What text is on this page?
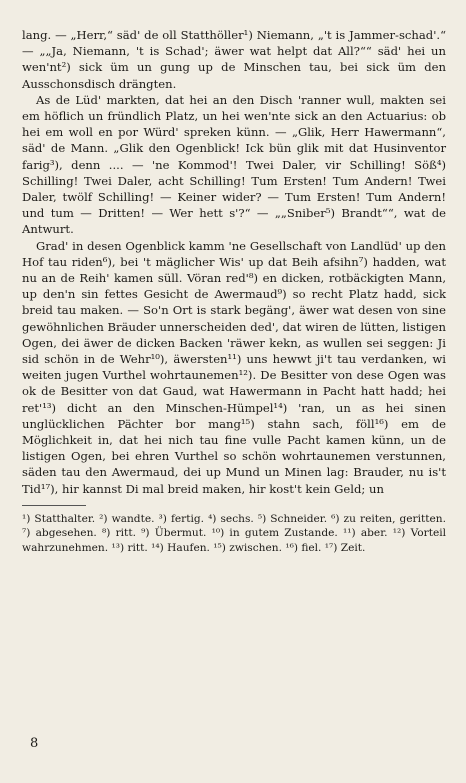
lang. — „Herr,“ säd' de oll Statthöller¹) Niemann, „'t is Jammer-schad'.“ — „„Ja, Niemann, 't is Schad'; äwer wat helpt dat All?““ säd' hei un wen'nt²) sick üm un gung up de Minschen tau, bei sick üm den Ausschonsdisch drängten.

As de Lüd' markten, dat hei an den Disch 'ranner wull, makten sei em höflich un fründlich Platz, un hei wen'nte sick an den Actuarius: ob hei em woll en por Würd' spreken künn. — „Glik, Herr Hawermann“, säd' de Mann. „Glik den Ogenblick! Ick bün glik mit dat Husinventor farig³), denn .... — 'ne Kommod'! Twei Daler, vir Schilling! Söß⁴) Schilling! Twei Daler, acht Schilling! Tum Ersten! Tum Andern! Twei Daler, twölf Schilling! — Keiner wider? — Tum Ersten! Tum Andern! und tum — Dritten! — Wer hett s'?“ — „„Sniber⁵) Brandt““, wat de Antwurt.

Grad' in desen Ogenblick kamm 'ne Gesellschaft von Landlüd' up den Hof tau riden⁶), bei 't mäglicher Wis' up dat Beih afsihn⁷) hadden, wat nu an de Reih' kamen süll. Vöran red'⁸) en dicken, rotbäckigten Mann, up den'n sin fettes Gesicht de Awermaud⁹) so recht Platz hadd, sick breid tau maken. — So'n Ort is stark begäng', äwer wat desen von sine gewöhnlichen Bräuder unnerscheiden ded', dat wiren de lütten, listigen Ogen, dei äwer de dicken Backen 'räwer kekn, as wullen sei seggen: Ji sid schön in de Wehr¹⁰), äwersten¹¹) uns hewwt ji't tau verdanken, wi weiten jugen Vurthel wohrtaunemen¹²). De Besitter von dese Ogen was ok de Besitter von dat Gaud, wat Hawermann in Pacht hatt hadd; hei ret'¹³) dicht an den Minschen-Hümpel¹⁴) 'ran, un as hei sinen unglücklichen Pächter bor mang¹⁵) stahn sach, föll¹⁶) em de Möglichkeit in, dat hei nich tau fine vulle Pacht kamen künn, un de listigen Ogen, bei ehren Vurthel so schön wohrtaunemen verstunnen, säden tau den Awermaud, dei up Mund un Minen lag: Brauder, nu is't Tid¹⁷), hir kannst Di mal breid maken, hir kost't kein Geld; un

¹) Statthalter. ²) wandte. ³) fertig. ⁴) sechs. ⁵) Schneider. ⁶) zu reiten, geritten. ⁷) abgesehen. ⁸) ritt. ⁹) Übermut. ¹⁰) in gutem Zustande. ¹¹) aber. ¹²) Vorteil wahrzunehmen. ¹³) ritt. ¹⁴) Haufen. ¹⁵) zwischen. ¹⁶) fiel. ¹⁷) Zeit.
8
